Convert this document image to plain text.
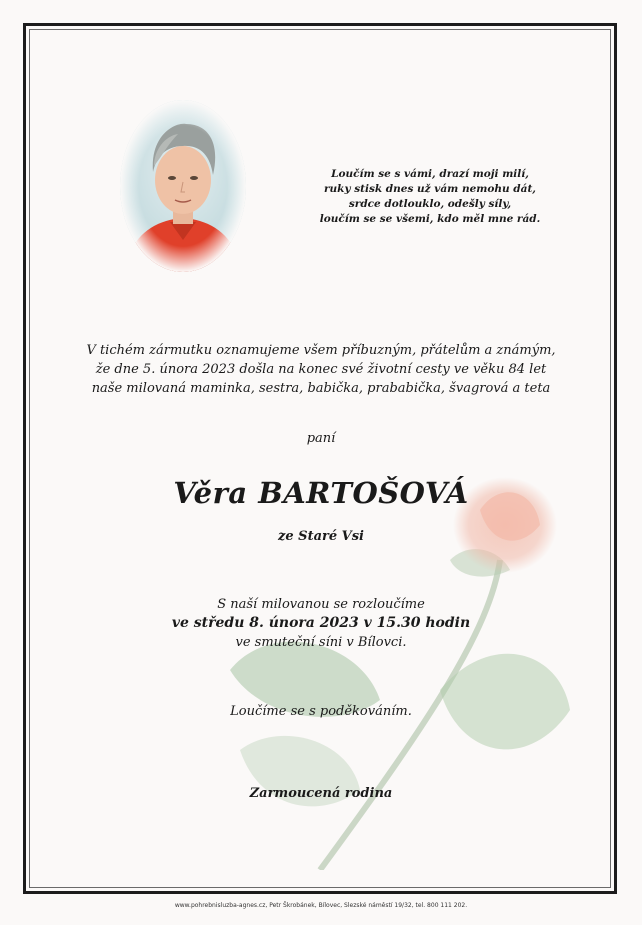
Loučím se s vámi, drazí moji milí,
ruky stisk dnes už vám nemohu dát,
srdce dotlouklo, odešly síly,
loučím se se všemi, kdo měl mne rád.
V tichém zármutku oznamujeme všem příbuzným, přátelům a známým,
že dne 5. února 2023 došla na konec své životní cesty ve věku 84 let
naše milovaná maminka, sestra, babička, prababička, švagrová a teta
paní
Věra BARTOŠOVÁ
ze Staré Vsi
S naší milovanou se rozloučíme
ve středu 8. února 2023 v 15.30 hodin
ve smuteční síni v Bílovci.
Loučíme se s poděkováním.
Zarmoucená rodina
www.pohrebnisluzba-agnes.cz, Petr Škrobánek, Bílovec, Slezské náměstí 19/32, tel. 800 111 202.
